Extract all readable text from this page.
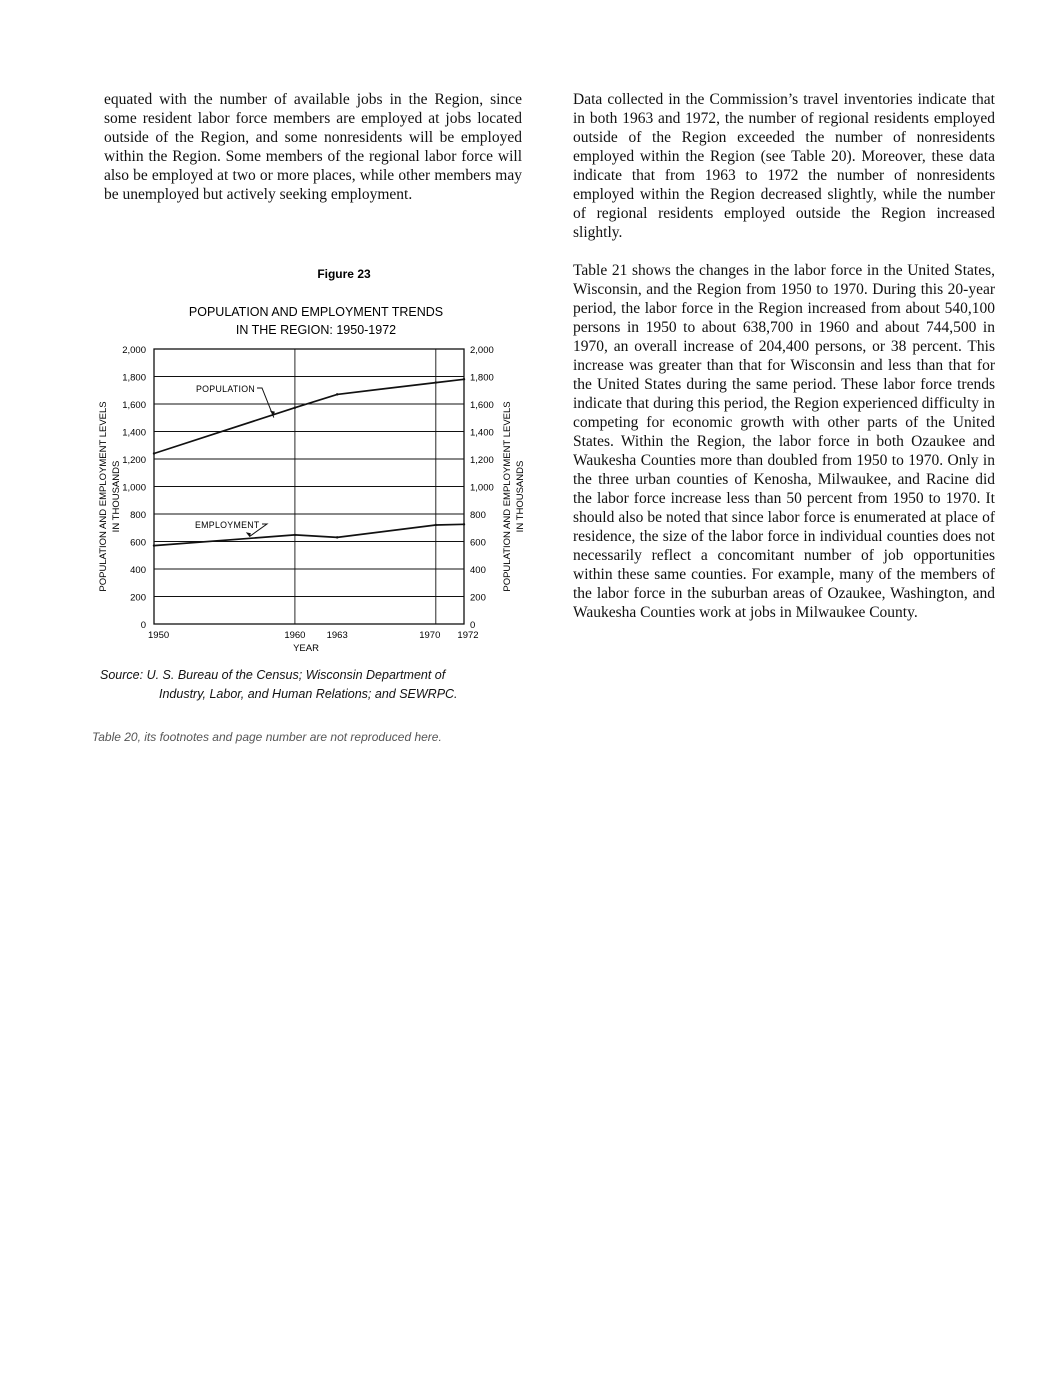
equated with the number of available jobs in the Region, since some resident labor force members are employed at jobs located outside of the Region, and some nonresidents will be employed within the Region. Some members of the regional labor force will also be employed at two or more places, while other members may be unemployed but actively seeking employment.

Data collected in the Commission’s travel inventories indicate that in both 1963 and 1972, the number of regional residents employed outside of the Region exceeded the number of nonresidents employed within the Region (see Table 20). Moreover, these data indicate that from 1963 to 1972 the number of nonresidents employed within the Region decreased slightly, while the number of regional residents employed outside the Region increased slightly.

Table 21 shows the changes in the labor force in the United States, Wisconsin, and the Region from 1950 to 1970. During this 20-year period, the labor force in the Region increased from about 540,100 persons in 1950 to about 638,700 in 1960 and about 744,500 in 1970, an overall increase of 204,400 persons, or 38 percent. This increase was greater than that for Wisconsin and less than that for the United States during the same period. These labor force trends indicate that during this period, the Region experienced difficulty in competing for economic growth with other parts of the United States. Within the Region, the labor force in both Ozaukee and Waukesha Counties more than doubled from 1950 to 1970. Only in the three urban counties of Kenosha, Milwaukee, and Racine did the labor force increase less than 50 percent from 1950 to 1970. It should also be noted that since labor force is enumerated at place of residence, the size of the labor force in individual counties does not necessarily reflect a concomitant number of job opportunities within these same counties. For example, many of the members of the labor force in the suburban areas of Ozaukee, Washington, and Waukesha Counties work at jobs in Milwaukee County.

Figure 23
POPULATION AND EMPLOYMENT TRENDS
IN THE REGION: 1950-1972
0	0
200	200
400	400
600	600
800	800
1,000	1,000
1,200	1,200
1,400	1,400
1,600	1,600
1,800	1,800
2,000	2,000
1950	1960 1963	1970 1972
YEAR
POPULATION AND EMPLOYMENT LEVELS IN THOUSANDS	POPULATION AND EMPLOYMENT LEVELS IN THOUSANDS
POPULATION
EMPLOYMENT
Source: U. S. Bureau of the Census; Wisconsin Department of
Industry, Labor, and Human Relations; and SEWRPC.
Table 20, its footnotes and page number are not reproduced here.
